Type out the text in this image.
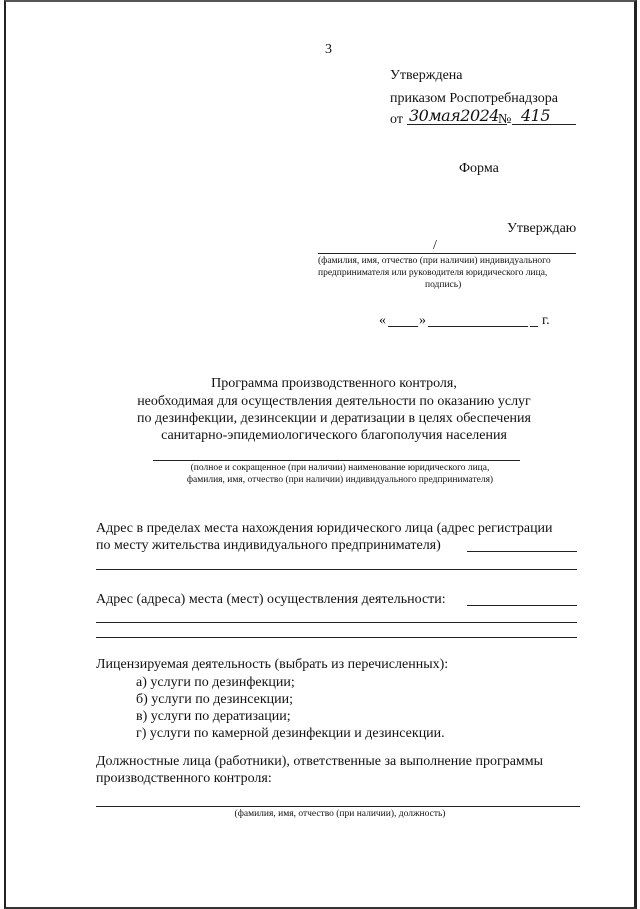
3
Утверждена
приказом Роспотребнадзора
от 30мая2024 № 415
Форма
Утверждаю
/
(фамилия, имя, отчество (при наличии) индивидуального
предпринимателя или руководителя юридического лица,
подпись)
« »	г.
Программа производственного контроля,
необходимая для осуществления деятельности по оказанию услуг
по дезинфекции, дезинсекции и дератизации в целях обеспечения
санитарно-эпидемиологического благополучия населения
(полное и сокращенное (при наличии) наименование юридического лица,
фамилия, имя, отчество (при наличии) индивидуального предпринимателя)
Адрес в пределах места нахождения юридического лица (адрес регистрации
по месту жительства индивидуального предпринимателя)
Адрес (адреса) места (мест) осуществления деятельности:
Лицензируемая деятельность (выбрать из перечисленных):
а) услуги по дезинфекции;
б) услуги по дезинсекции;
в) услуги по дератизации;
г) услуги по камерной дезинфекции и дезинсекции.
Должностные лица (работники), ответственные за выполнение программы
производственного контроля:
(фамилия, имя, отчество (при наличии), должность)
